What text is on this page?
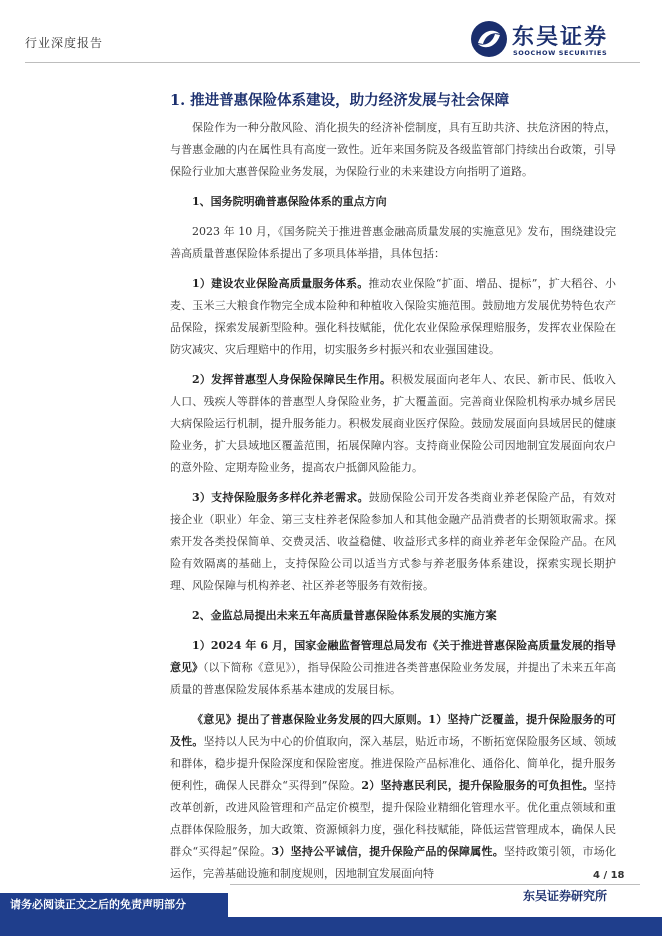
行业深度报告	东吴证券
SOOCHOW SECURITIES
1. 推进普惠保险体系建设，助力经济发展与社会保障

保险作为一种分散风险、消化损失的经济补偿制度，具有互助共济、扶危济困的特点，与普惠金融的内在属性具有高度一致性。近年来国务院及各级监管部门持续出台政策，引导保险行业加大惠普保险业务发展，为保险行业的未来建设方向指明了道路。

1、国务院明确普惠保险体系的重点方向

2023 年 10 月，《国务院关于推进普惠金融高质量发展的实施意见》发布，围绕建设完善高质量普惠保险体系提出了多项具体举措，具体包括：

1）建设农业保险高质量服务体系。推动农业保险“扩面、增品、提标”，扩大稻谷、小麦、玉米三大粮食作物完全成本险种和种植收入保险实施范围。鼓励地方发展优势特色农产品保险，探索发展新型险种。强化科技赋能，优化农业保险承保理赔服务，发挥农业保险在防灾减灾、灾后理赔中的作用，切实服务乡村振兴和农业强国建设。

2）发挥普惠型人身保险保障民生作用。积极发展面向老年人、农民、新市民、低收入人口、残疾人等群体的普惠型人身保险业务，扩大覆盖面。完善商业保险机构承办城乡居民大病保险运行机制，提升服务能力。积极发展商业医疗保险。鼓励发展面向县域居民的健康险业务，扩大县域地区覆盖范围，拓展保障内容。支持商业保险公司因地制宜发展面向农户的意外险、定期寿险业务，提高农户抵御风险能力。

3）支持保险服务多样化养老需求。鼓励保险公司开发各类商业养老保险产品，有效对接企业（职业）年金、第三支柱养老保险参加人和其他金融产品消费者的长期领取需求。探索开发各类投保简单、交费灵活、收益稳健、收益形式多样的商业养老年金保险产品。在风险有效隔离的基础上，支持保险公司以适当方式参与养老服务体系建设，探索实现长期护理、风险保障与机构养老、社区养老等服务有效衔接。

2、金监总局提出未来五年高质量普惠保险体系发展的实施方案

1）2024 年 6 月，国家金融监督管理总局发布《关于推进普惠保险高质量发展的指导意见》（以下简称《意见》），指导保险公司推进各类普惠保险业务发展，并提出了未来五年高质量的普惠保险发展体系基本建成的发展目标。

《意见》提出了普惠保险业务发展的四大原则。1）坚持广泛覆盖，提升保险服务的可及性。坚持以人民为中心的价值取向，深入基层，贴近市场，不断拓宽保险服务区域、领域和群体，稳步提升保险深度和保险密度。推进保险产品标准化、通俗化、简单化，提升服务便利性，确保人民群众“买得到”保险。2）坚持惠民利民，提升保险服务的可负担性。坚持改革创新，改进风险管理和产品定价模型，提升保险业精细化管理水平。优化重点领域和重点群体保险服务，加大政策、资源倾斜力度，强化科技赋能，降低运营管理成本，确保人民群众“买得起”保险。3）坚持公平诚信，提升保险产品的保障属性。坚持政策引领，市场化运作，完善基础设施和制度规则，因地制宜发展面向特	4 / 18
东吴证券研究所
请务必阅读正文之后的免责声明部分
